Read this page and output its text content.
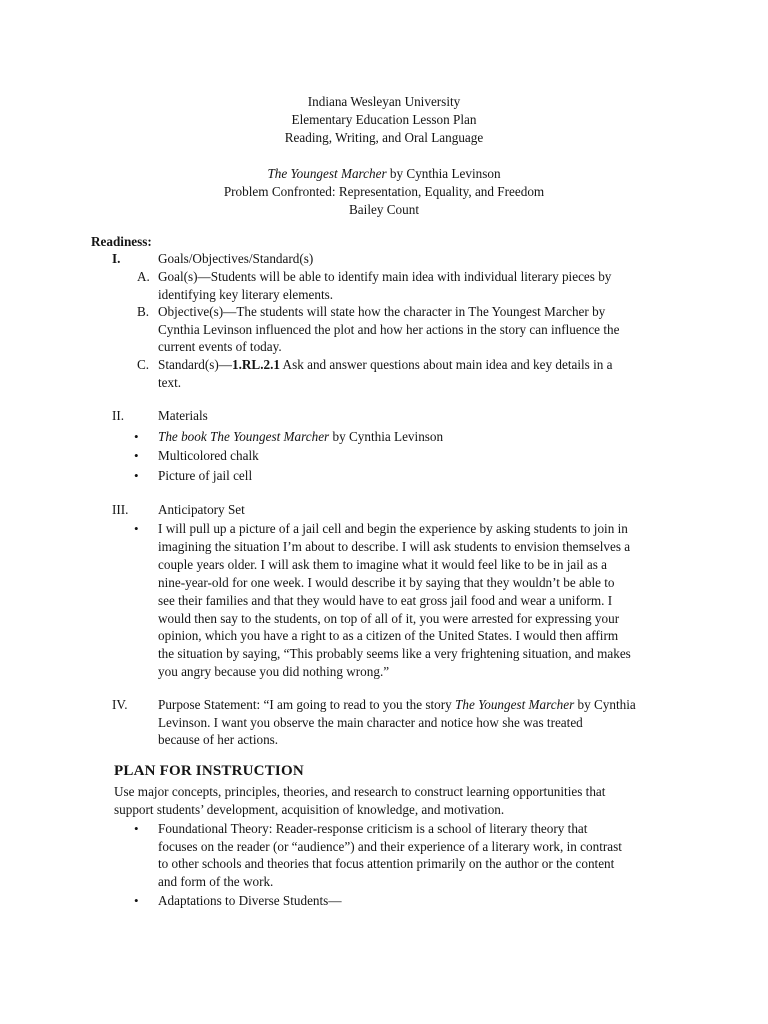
Indiana Wesleyan University
Elementary Education Lesson Plan
Reading, Writing, and Oral Language
The Youngest Marcher by Cynthia Levinson
Problem Confronted: Representation, Equality, and Freedom
Bailey Count
Readiness:
I.	Goals/Objectives/Standard(s)
A. Goal(s)—Students will be able to identify main idea with individual literary pieces by
identifying key literary elements.
B. Objective(s)—The students will state how the character in The Youngest Marcher by
Cynthia Levinson influenced the plot and how her actions in the story can influence the
current events of today.
C. Standard(s)—1.RL.2.1 Ask and answer questions about main idea and key details in a
text.
II.	Materials
•	The book The Youngest Marcher by Cynthia Levinson
•	Multicolored chalk
•	Picture of jail cell
III.	Anticipatory Set
•	I will pull up a picture of a jail cell and begin the experience by asking students to join in
imagining the situation I’m about to describe. I will ask students to envision themselves a
couple years older. I will ask them to imagine what it would feel like to be in jail as a
nine-year-old for one week. I would describe it by saying that they wouldn’t be able to
see their families and that they would have to eat gross jail food and wear a uniform. I
would then say to the students, on top of all of it, you were arrested for expressing your
opinion, which you have a right to as a citizen of the United States. I would then affirm
the situation by saying, “This probably seems like a very frightening situation, and makes
you angry because you did nothing wrong.”
IV.	Purpose Statement: “I am going to read to you the story The Youngest Marcher by Cynthia
Levinson. I want you observe the main character and notice how she was treated
because of her actions.
PLAN FOR INSTRUCTION
Use major concepts, principles, theories, and research to construct learning opportunities that
support students’ development, acquisition of knowledge, and motivation.
•	Foundational Theory: Reader-response criticism is a school of literary theory that
focuses on the reader (or “audience”) and their experience of a literary work, in contrast
to other schools and theories that focus attention primarily on the author or the content
and form of the work.
•	Adaptations to Diverse Students—
